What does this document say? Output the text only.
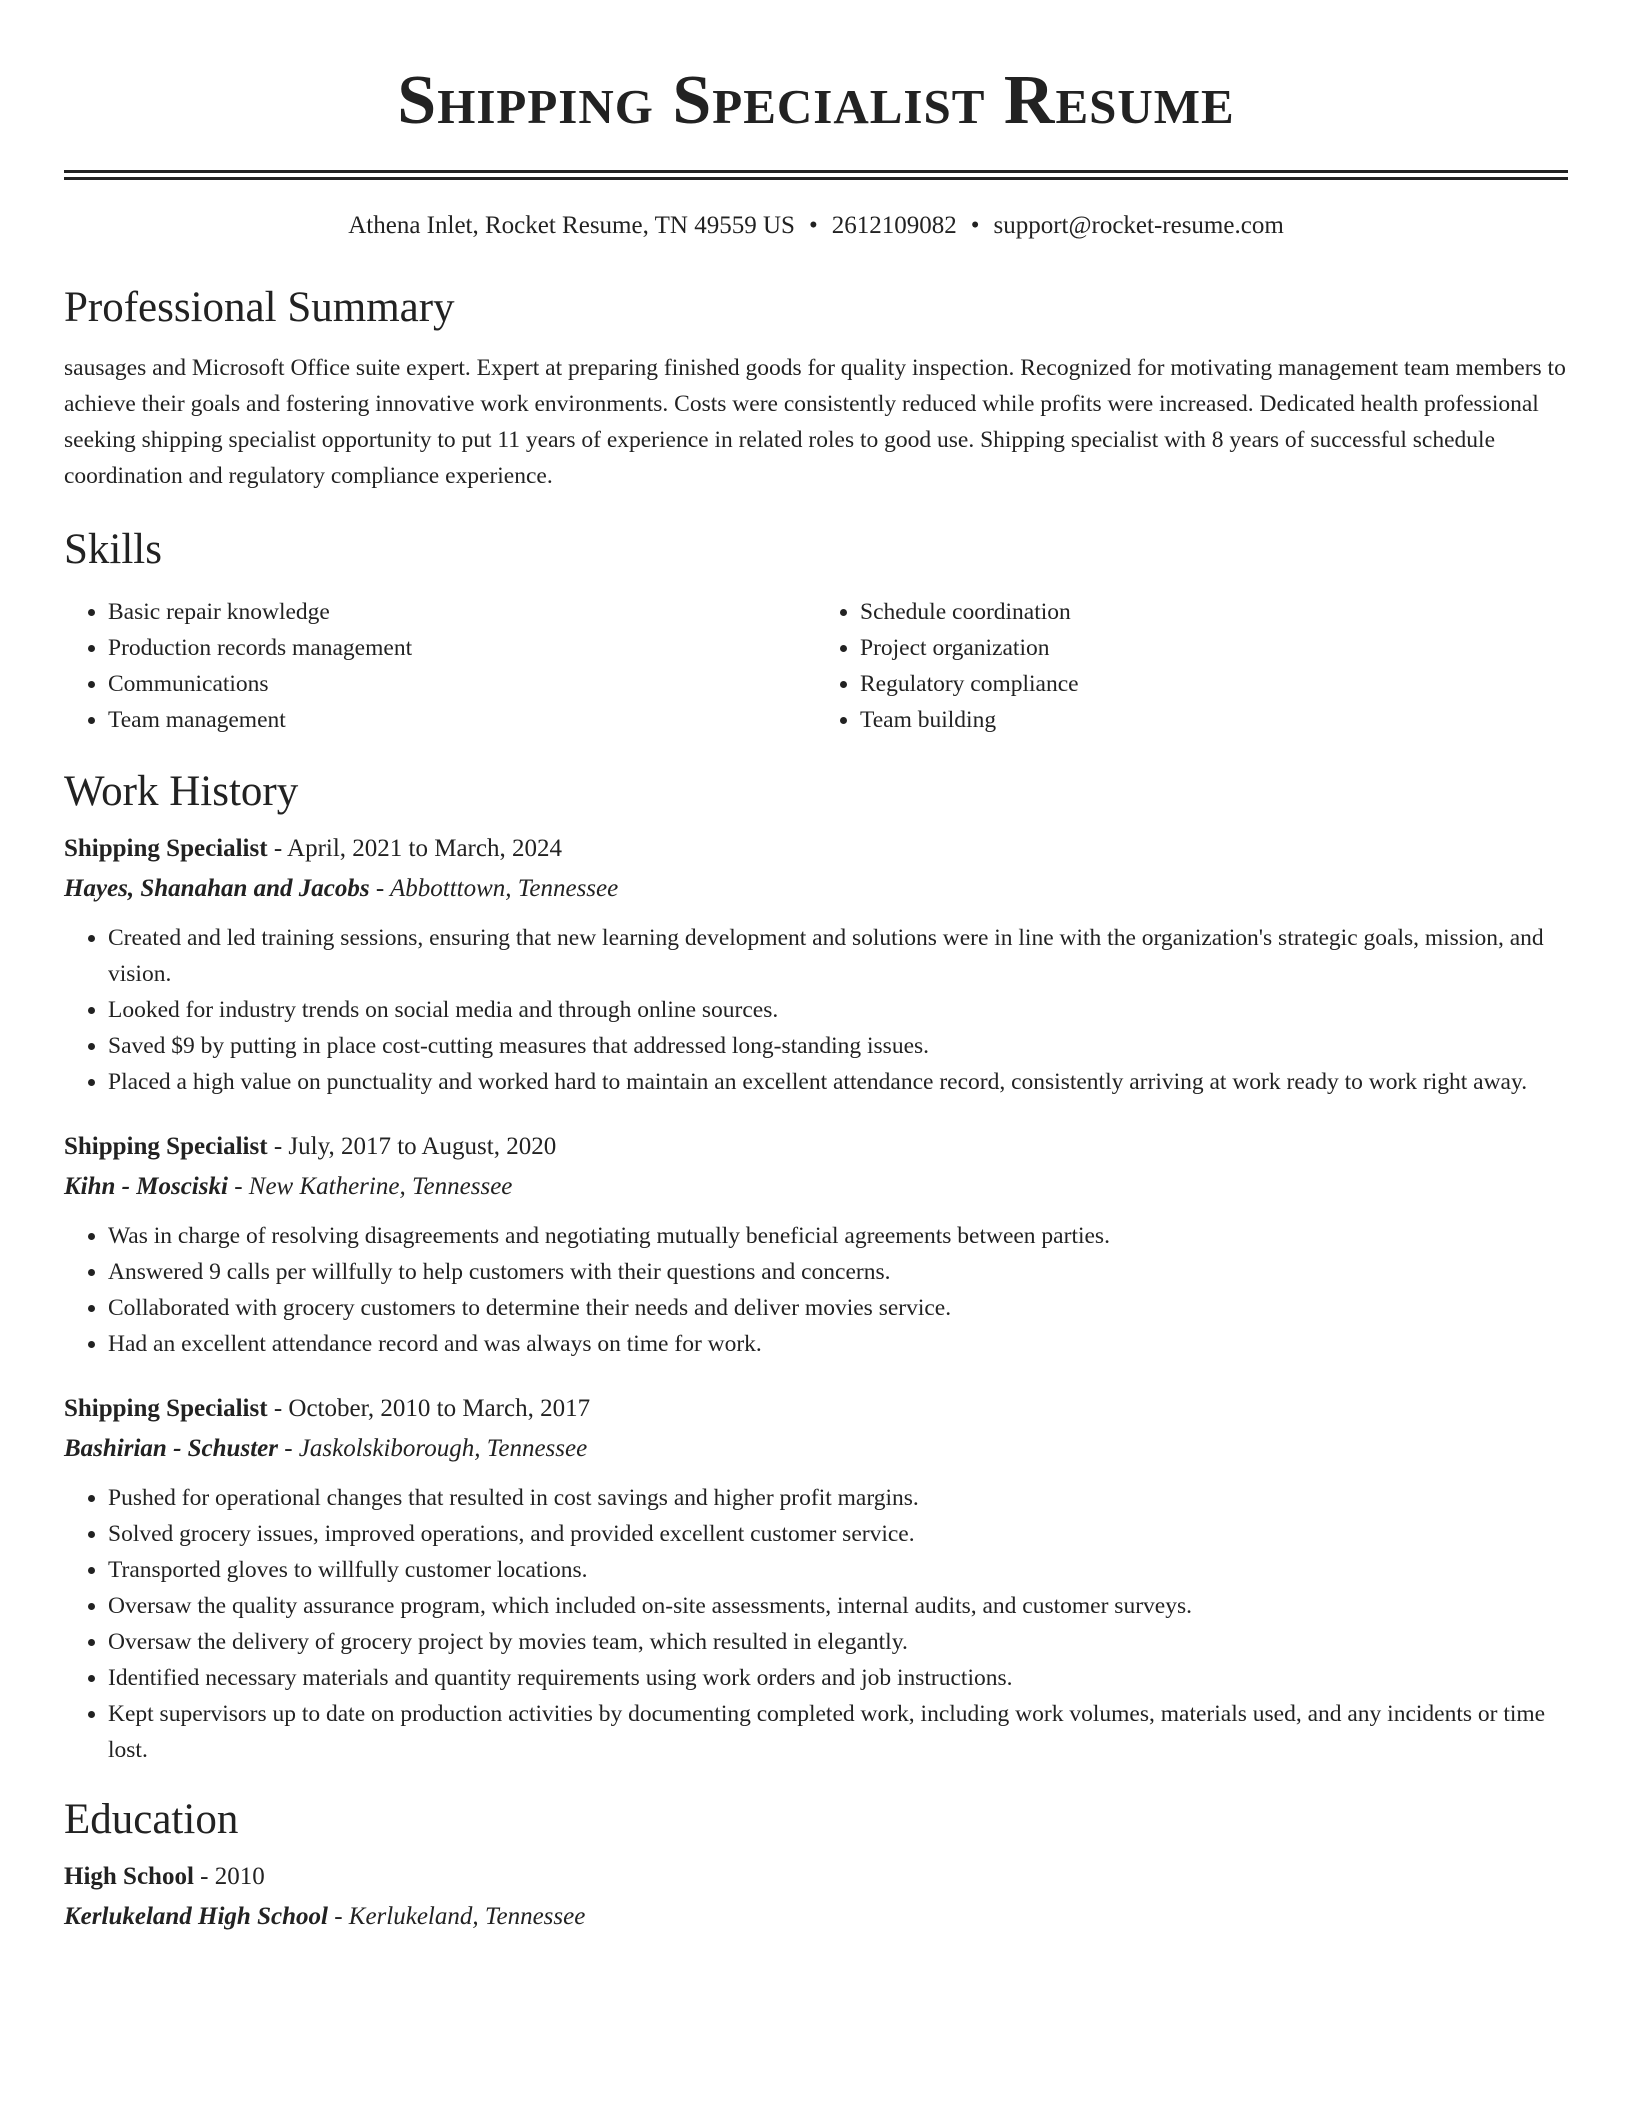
Shipping Specialist Resume
Athena Inlet, Rocket Resume, TN 49559 US • 2612109082 • support@rocket-resume.com
Professional Summary

sausages and Microsoft Office suite expert. Expert at preparing finished goods for quality inspection. Recognized for motivating management team members to achieve their goals and fostering innovative work environments. Costs were consistently reduced while profits were increased. Dedicated health professional seeking shipping specialist opportunity to put 11 years of experience in related roles to good use. Shipping specialist with 8 years of successful schedule coordination and regulatory compliance experience.

Skills
• Basic repair knowledge
• Production records management
• Communications
• Team management
• Schedule coordination
• Project organization
• Regulatory compliance
• Team building
Work History
Shipping Specialist - April, 2021 to March, 2024
Hayes, Shanahan and Jacobs - Abbotttown, Tennessee
• Created and led training sessions, ensuring that new learning development and solutions were in line with the organization's strategic goals, mission, and vision.
• Looked for industry trends on social media and through online sources.
• Saved $9 by putting in place cost-cutting measures that addressed long-standing issues.
• Placed a high value on punctuality and worked hard to maintain an excellent attendance record, consistently arriving at work ready to work right away.
Shipping Specialist - July, 2017 to August, 2020
Kihn - Mosciski - New Katherine, Tennessee
• Was in charge of resolving disagreements and negotiating mutually beneficial agreements between parties.
• Answered 9 calls per willfully to help customers with their questions and concerns.
• Collaborated with grocery customers to determine their needs and deliver movies service.
• Had an excellent attendance record and was always on time for work.
Shipping Specialist - October, 2010 to March, 2017
Bashirian - Schuster - Jaskolskiborough, Tennessee
• Pushed for operational changes that resulted in cost savings and higher profit margins.
• Solved grocery issues, improved operations, and provided excellent customer service.
• Transported gloves to willfully customer locations.
• Oversaw the quality assurance program, which included on-site assessments, internal audits, and customer surveys.
• Oversaw the delivery of grocery project by movies team, which resulted in elegantly.
• Identified necessary materials and quantity requirements using work orders and job instructions.
• Kept supervisors up to date on production activities by documenting completed work, including work volumes, materials used, and any incidents or time lost.
Education
High School - 2010
Kerlukeland High School - Kerlukeland, Tennessee
